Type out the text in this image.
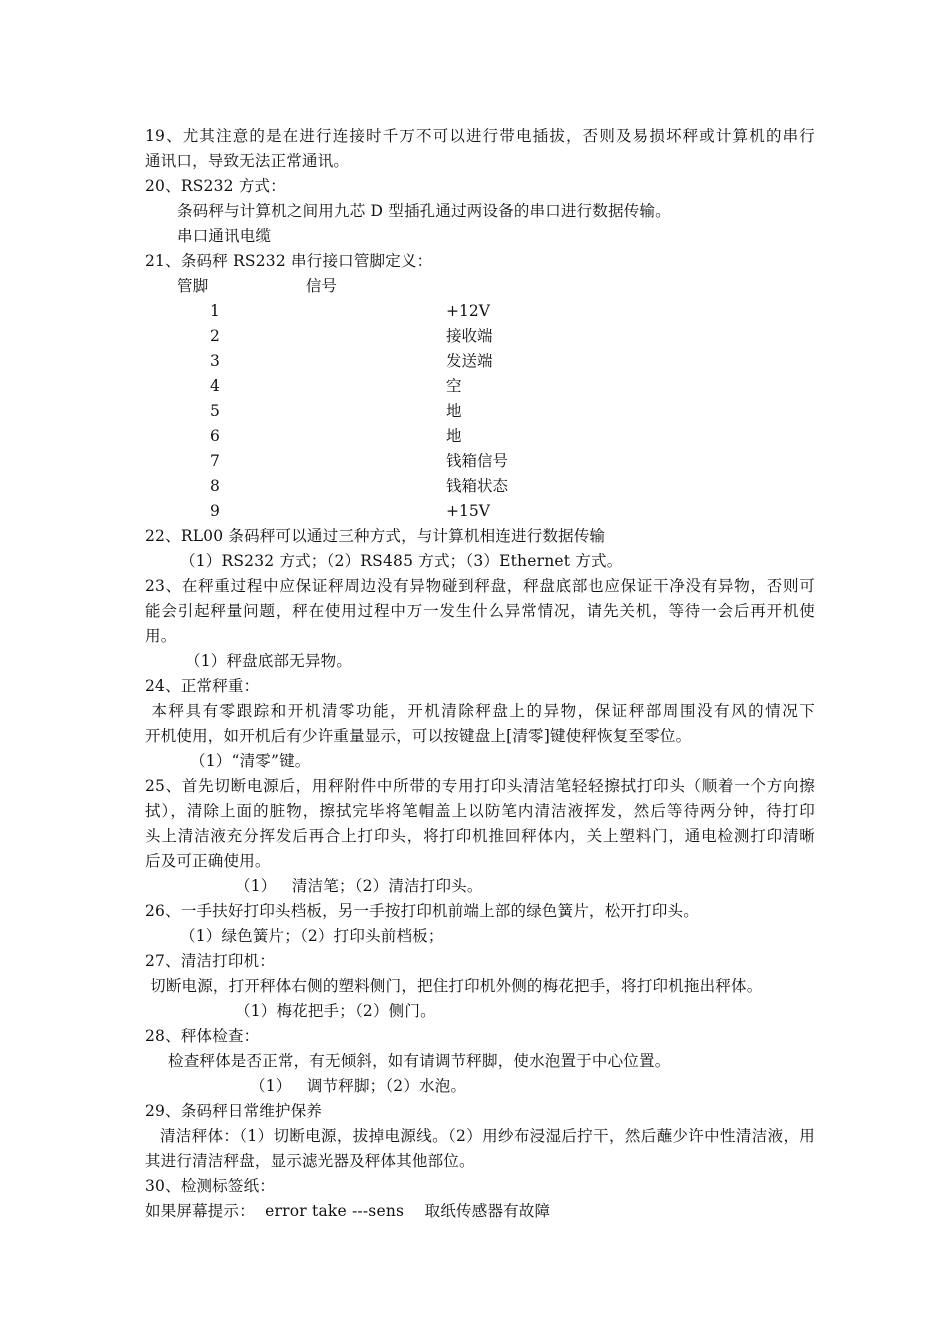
19、尤其注意的是在进行连接时千万不可以进行带电插拔，否则及易损坏秤或计算机的串行
通讯口，导致无法正常通讯。
20、RS232 方式：
条码秤与计算机之间用九芯 D 型插孔通过两设备的串口进行数据传输。
串口通讯电缆
21、条码秤 RS232 串行接口管脚定义：
管脚                   信号
1	+12V
2	接收端
3	发送端
4	空
5	地
6	地
7	钱箱信号
8	钱箱状态
9	+15V
22、RL00 条码秤可以通过三种方式，与计算机相连进行数据传输
（1）RS232 方式；（2）RS485 方式；（3）Ethernet 方式。
23、在秤重过程中应保证秤周边没有异物碰到秤盘，秤盘底部也应保证干净没有异物，否则可
能会引起秤量问题，秤在使用过程中万一发生什么异常情况，请先关机，等待一会后再开机使
用。
（1）秤盘底部无异物。
24、正常秤重：
本秤具有零跟踪和开机清零功能，开机清除秤盘上的异物，保证秤部周围没有风的情况下
开机使用，如开机后有少许重量显示，可以按键盘上[清零]键使秤恢复至零位。
（1）“清零”键。
25、首先切断电源后，用秤附件中所带的专用打印头清洁笔轻轻擦拭打印头（顺着一个方向擦
拭），清除上面的脏物，擦拭完毕将笔帽盖上以防笔内清洁液挥发，然后等待两分钟，待打印
头上清洁液充分挥发后再合上打印头，将打印机推回秤体内，关上塑料门，通电检测打印清晰
后及可正确使用。
（1）   清洁笔；（2）清洁打印头。
26、一手扶好打印头档板，另一手按打印机前端上部的绿色簧片，松开打印头。
（1）绿色簧片；（2）打印头前档板；
27、清洁打印机：
切断电源，打开秤体右侧的塑料侧门，把住打印机外侧的梅花把手，将打印机拖出秤体。
（1）梅花把手；（2）侧门。
28、秤体检查：
检查秤体是否正常，有无倾斜，如有请调节秤脚，使水泡置于中心位置。
（1）   调节秤脚；（2）水泡。
29、条码秤日常维护保养
清洁秤体：（1）切断电源，拔掉电源线。（2）用纱布浸湿后拧干，然后蘸少许中性清洁液，用
其进行清洁秤盘，显示滤光器及秤体其他部位。
30、检测标签纸：
如果屏幕提示：  error take ---sens    取纸传感器有故障
